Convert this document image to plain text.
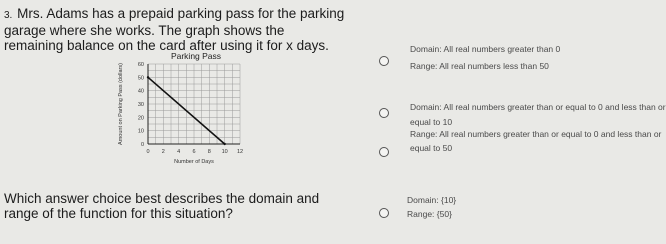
3. Mrs. Adams has a prepaid parking pass for the parking
garage where she works. The graph shows the
remaining balance on the card after using it for x days.
Parking Pass
0 2 4 6 8 10 12
0
10
20
30
40
50
60
Number of Days
Amount on Parking Pass (dollars)
Which answer choice best describes the domain and
range of the function for this situation?
Domain: All real numbers greater than 0
Range: All real numbers less than 50
Domain: All real numbers greater than or equal to 0 and less than or
equal to 10
Range: All real numbers greater than or equal to 0 and less than or
equal to 50
Domain: {10}
Range: {50}
